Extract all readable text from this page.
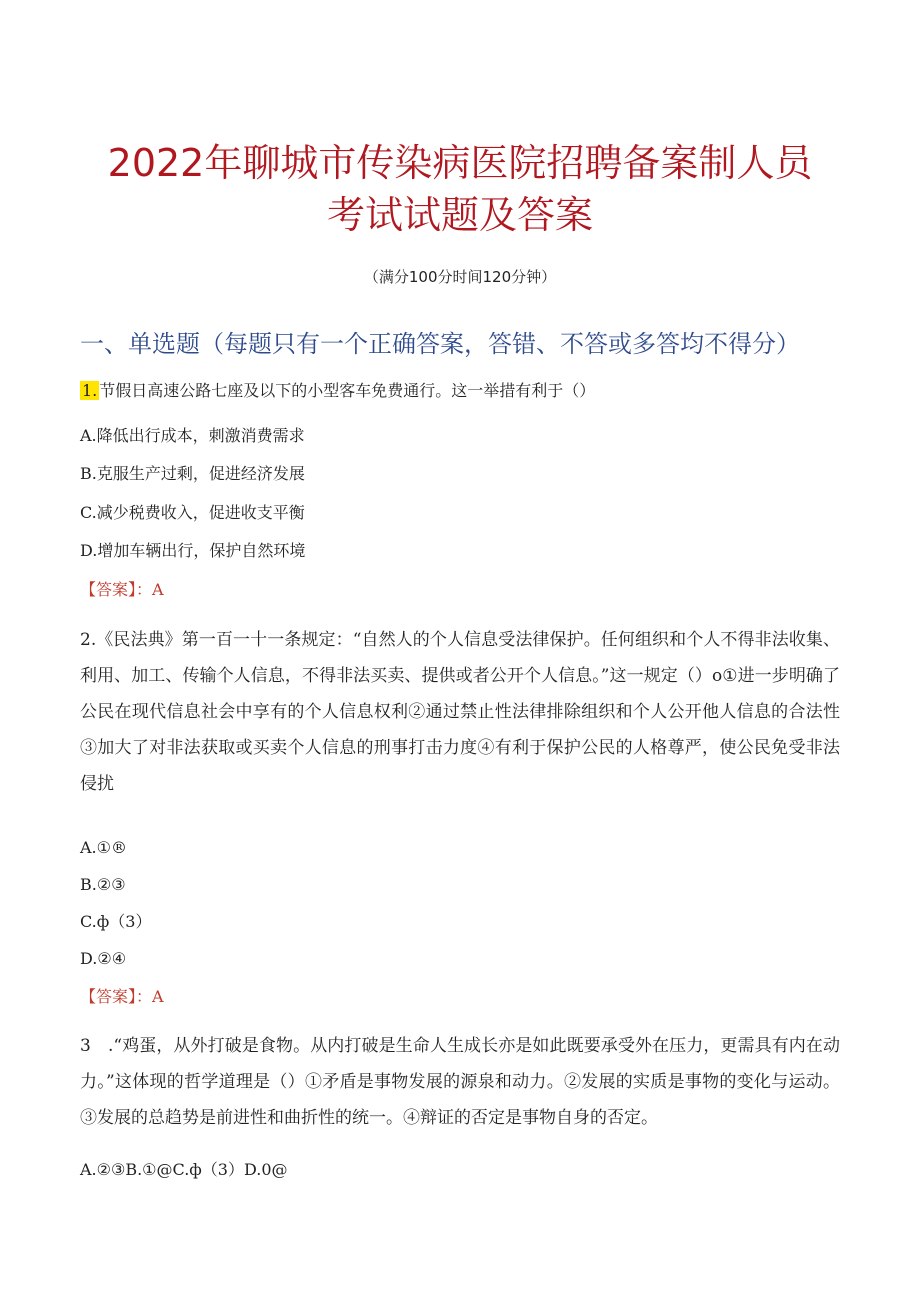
2022年聊城市传染病医院招聘备案制人员
考试试题及答案
（满分100分时间120分钟）
一、单选题（每题只有一个正确答案，答错、不答或多答均不得分）
1. 节假日高速公路七座及以下的小型客车免费通行。这一举措有利于（）
A.降低出行成本，刺激消费需求
B.克服生产过剩，促进经济发展
C.减少税费收入，促进收支平衡
D.增加车辆出行，保护自然环境
【答案】：A
2.《民法典》第一百一十一条规定：“自然人的个人信息受法律保护。任何组织和个人不得非法收集、利用、加工、传输个人信息，不得非法买卖、提供或者公开个人信息。”这一规定（）o①进一步明确了公民在现代信息社会中享有的个人信息权利②通过禁止性法律排除组织和个人公开他人信息的合法性③加大了对非法获取或买卖个人信息的刑事打击力度④有利于保护公民的人格尊严，使公民免受非法侵扰
A.①®
B.②③
C.ф（3）
D.②④
【答案】：A
3　.“鸡蛋，从外打破是食物。从内打破是生命人生成长亦是如此既要承受外在压力，更需具有内在动力。”这体现的哲学道理是（）①矛盾是事物发展的源泉和动力。②发展的实质是事物的变化与运动。③发展的总趋势是前进性和曲折性的统一。④辩证的否定是事物自身的否定。
A.②③B.①@C.ф（3）D.0@
